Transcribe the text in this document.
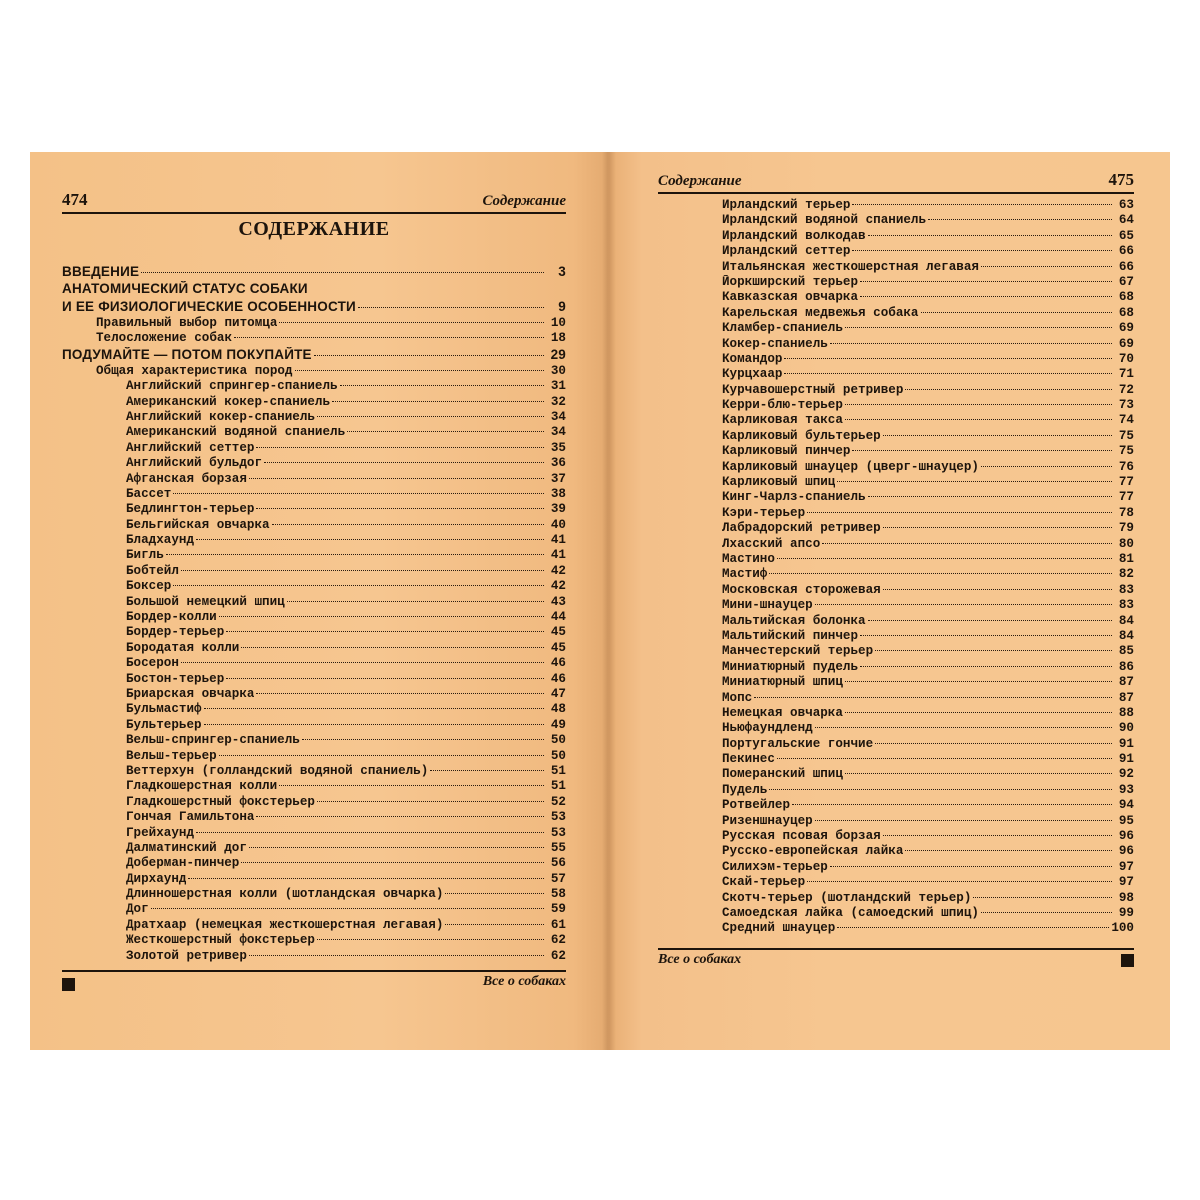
474	Содержание
СОДЕРЖАНИЕ
ВВЕДЕНИЕ	3
АНАТОМИЧЕСКИЙ СТАТУС СОБАКИ
И ЕЕ ФИЗИОЛОГИЧЕСКИЕ ОСОБЕННОСТИ	9
Правильный выбор питомца	10
Телосложение собак	18
ПОДУМАЙТЕ — ПОТОМ ПОКУПАЙТЕ	29
Общая характеристика пород	30
Английский спрингер-спаниель	31
Американский кокер-спаниель	32
Английский кокер-спаниель	34
Американский водяной спаниель	34
Английский сеттер	35
Английский бульдог	36
Афганская борзая	37
Бассет	38
Бедлингтон-терьер	39
Бельгийская овчарка	40
Бладхаунд	41
Бигль	41
Бобтейл	42
Боксер	42
Большой немецкий шпиц	43
Бордер-колли	44
Бордер-терьер	45
Бородатая колли	45
Босерон	46
Бостон-терьер	46
Бриарская овчарка	47
Бульмастиф	48
Бультерьер	49
Вельш-спрингер-спаниель	50
Вельш-терьер	50
Веттерхун (голландский водяной спаниель)	51
Гладкошерстная колли	51
Гладкошерстный фокстерьер	52
Гончая Гамильтона	53
Грейхаунд	53
Далматинский дог	55
Доберман-пинчер	56
Дирхаунд	57
Длинношерстная колли (шотландская овчарка)	58
Дог	59
Дратхаар (немецкая жесткошерстная легавая)	61
Жесткошерстный фокстерьер	62
Золотой ретривер	62
Все о собаках
Содержание	475
Ирландский терьер	63
Ирландский водяной спаниель	64
Ирландский волкодав	65
Ирландский сеттер	66
Итальянская жесткошерстная легавая	66
Йоркширский терьер	67
Кавказская овчарка	68
Карельская медвежья собака	68
Кламбер-спаниель	69
Кокер-спаниель	69
Командор	70
Курцхаар	71
Курчавошерстный ретривер	72
Керри-блю-терьер	73
Карликовая такса	74
Карликовый бультерьер	75
Карликовый пинчер	75
Карликовый шнауцер (цверг-шнауцер)	76
Карликовый шпиц	77
Кинг-Чарлз-спаниель	77
Кэри-терьер	78
Лабрадорский ретривер	79
Лхасский апсо	80
Мастино	81
Мастиф	82
Московская сторожевая	83
Мини-шнауцер	83
Мальтийская болонка	84
Мальтийский пинчер	84
Манчестерский терьер	85
Миниатюрный пудель	86
Миниатюрный шпиц	87
Мопс	87
Немецкая овчарка	88
Ньюфаундленд	90
Португальские гончие	91
Пекинес	91
Померанский шпиц	92
Пудель	93
Ротвейлер	94
Ризеншнауцер	95
Русская псовая борзая	96
Русско-европейская лайка	96
Силихэм-терьер	97
Скай-терьер	97
Скотч-терьер (шотландский терьер)	98
Самоедская лайка (самоедский шпиц)	99
Средний шнауцер	100
Все о собаках
